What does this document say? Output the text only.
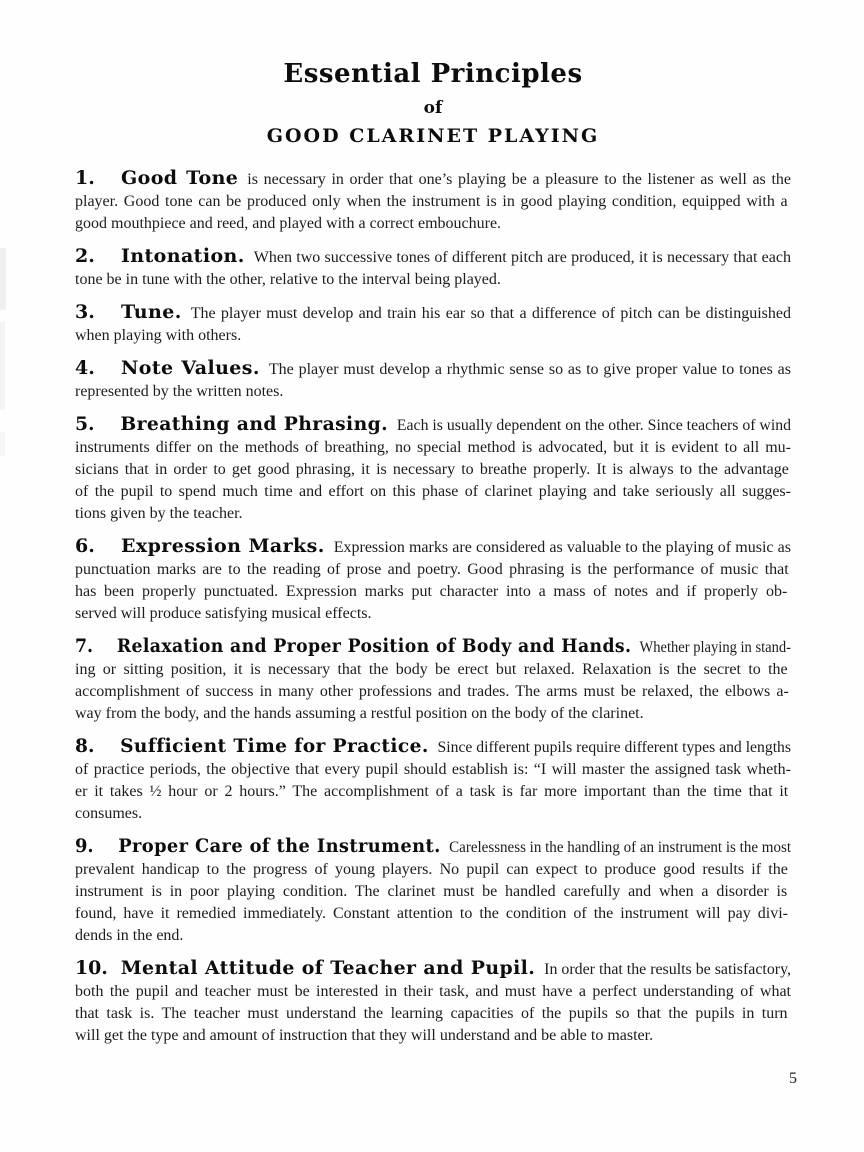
Essential Principles
of
GOOD CLARINET PLAYING
1. Good Tone is necessary in order that one’s playing be a pleasure to the listener as well as the
player. Good tone can be produced only when the instrument is in good playing condition, equipped with a
good mouthpiece and reed, and played with a correct embouchure.
2. Intonation. When two successive tones of different pitch are produced, it is necessary that each
tone be in tune with the other, relative to the interval being played.
3. Tune. The player must develop and train his ear so that a difference of pitch can be distinguished
when playing with others.
4. Note Values. The player must develop a rhythmic sense so as to give proper value to tones as
represented by the written notes.
5. Breathing and Phrasing. Each is usually dependent on the other. Since teachers of wind
instruments differ on the methods of breathing, no special method is advocated, but it is evident to all mu-
sicians that in order to get good phrasing, it is necessary to breathe properly. It is always to the advantage
of the pupil to spend much time and effort on this phase of clarinet playing and take seriously all sugges-
tions given by the teacher.
6. Expression Marks. Expression marks are considered as valuable to the playing of music as
punctuation marks are to the reading of prose and poetry. Good phrasing is the performance of music that
has been properly punctuated. Expression marks put character into a mass of notes and if properly ob-
served will produce satisfying musical effects.
7. Relaxation and Proper Position of Body and Hands. Whether playing in stand-
ing or sitting position, it is necessary that the body be erect but relaxed. Relaxation is the secret to the
accomplishment of success in many other professions and trades. The arms must be relaxed, the elbows a-
way from the body, and the hands assuming a restful position on the body of the clarinet.
8. Sufficient Time for Practice. Since different pupils require different types and lengths
of practice periods, the objective that every pupil should establish is: “I will master the assigned task wheth-
er it takes ½ hour or 2 hours.” The accomplishment of a task is far more important than the time that it
consumes.
9. Proper Care of the Instrument. Carelessness in the handling of an instrument is the most
prevalent handicap to the progress of young players. No pupil can expect to produce good results if the
instrument is in poor playing condition. The clarinet must be handled carefully and when a disorder is
found, have it remedied immediately. Constant attention to the condition of the instrument will pay divi-
dends in the end.
10. Mental Attitude of Teacher and Pupil. In order that the results be satisfactory,
both the pupil and teacher must be interested in their task, and must have a perfect understanding of what
that task is. The teacher must understand the learning capacities of the pupils so that the pupils in turn
will get the type and amount of instruction that they will understand and be able to master.
5
